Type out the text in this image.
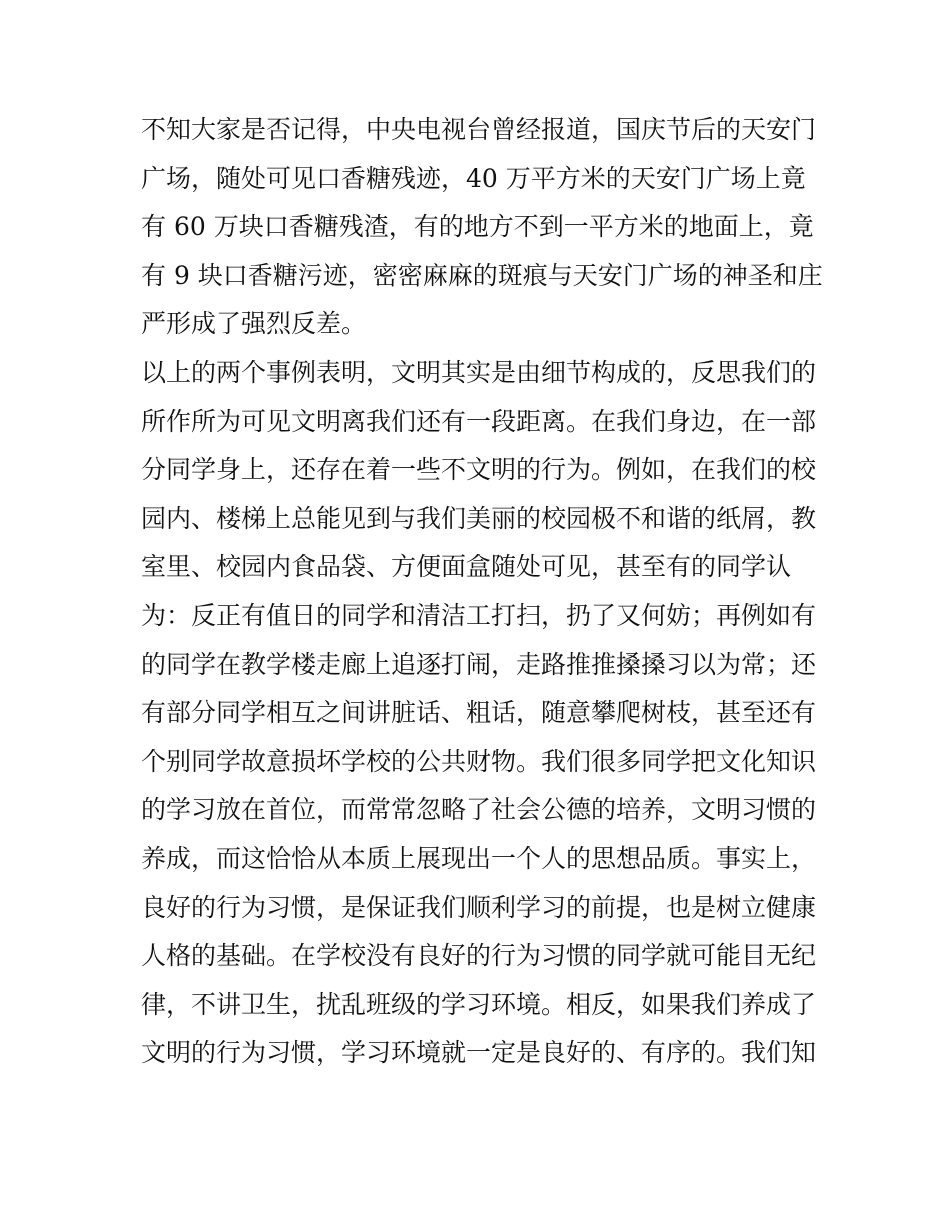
不知大家是否记得，中央电视台曾经报道，国庆节后的天安门
广场，随处可见口香糖残迹，40 万平方米的天安门广场上竟
有 60 万块口香糖残渣，有的地方不到一平方米的地面上，竟
有 9 块口香糖污迹，密密麻麻的斑痕与天安门广场的神圣和庄
严形成了强烈反差。
以上的两个事例表明，文明其实是由细节构成的，反思我们的
所作所为可见文明离我们还有一段距离。在我们身边，在一部
分同学身上，还存在着一些不文明的行为。例如，在我们的校
园内、楼梯上总能见到与我们美丽的校园极不和谐的纸屑，教
室里、校园内食品袋、方便面盒随处可见，甚至有的同学认
为：反正有值日的同学和清洁工打扫，扔了又何妨；再例如有
的同学在教学楼走廊上追逐打闹，走路推推搡搡习以为常；还
有部分同学相互之间讲脏话、粗话，随意攀爬树枝，甚至还有
个别同学故意损坏学校的公共财物。我们很多同学把文化知识
的学习放在首位，而常常忽略了社会公德的培养，文明习惯的
养成，而这恰恰从本质上展现出一个人的思想品质。事实上，
良好的行为习惯，是保证我们顺利学习的前提，也是树立健康
人格的基础。在学校没有良好的行为习惯的同学就可能目无纪
律，不讲卫生，扰乱班级的学习环境。相反，如果我们养成了
文明的行为习惯，学习环境就一定是良好的、有序的。我们知
